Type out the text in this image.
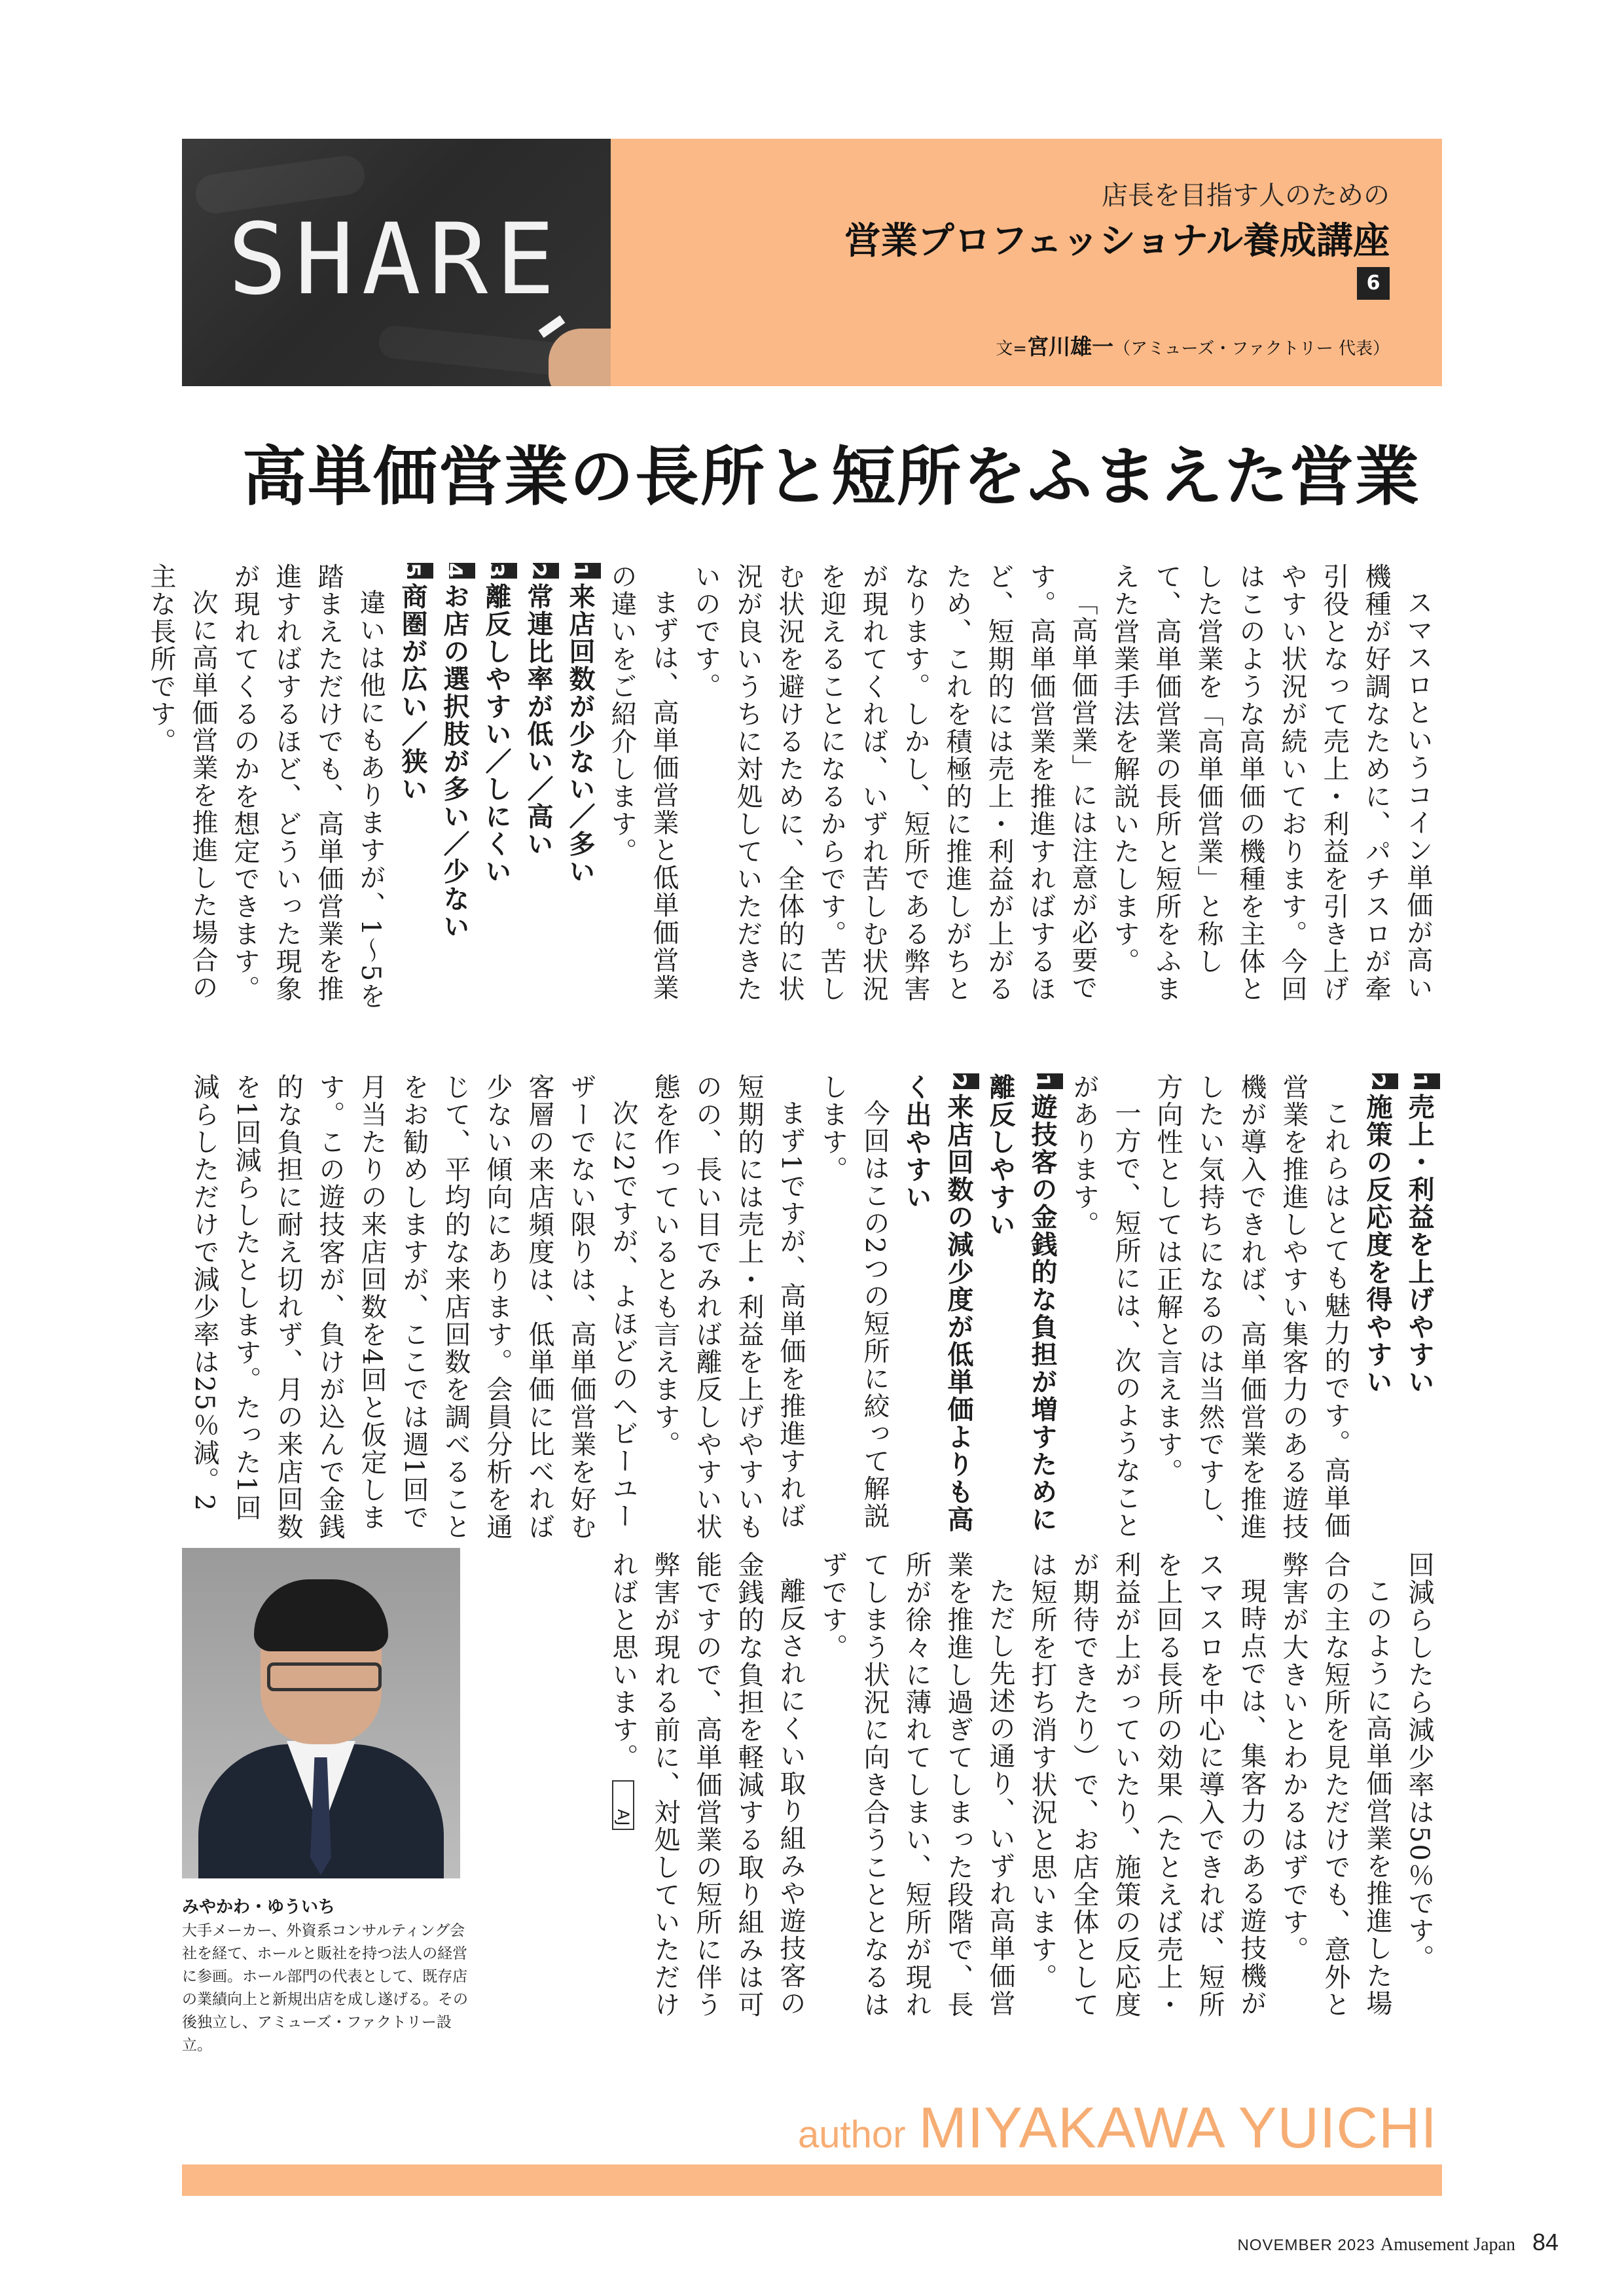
SHARE
店長を目指す人のための
営業プロフェッショナル養成講座
6
文=宮川雄一（アミューズ・ファクトリー 代表）
高単価営業の長所と短所をふまえた営業

スマスロというコイン単価が高い機種が好調なために、パチスロが牽引役となって売上・利益を引き上げやすい状況が続いております。今回はこのような高単価の機種を主体とした営業を「高単価営業」と称して、高単価営業の長所と短所をふまえた営業手法を解説いたします。

「高単価営業」には注意が必要です。高単価営業を推進すればするほど、短期的には売上・利益が上がるため、これを積極的に推進しがちとなります。しかし、短所である弊害が現れてくれば、いずれ苦しむ状況を迎えることになるからです。苦しむ状況を避けるために、全体的に状況が良いうちに対処していただきたいのです。

まずは、高単価営業と低単価営業の違いをご紹介します。

1来店回数が少ない／多い

2常連比率が低い／高い

3離反しやすい／しにくい

4お店の選択肢が多い／少ない

5商圏が広い／狭い

違いは他にもありますが、1〜5を踏まえただけでも、高単価営業を推進すればするほど、どういった現象が現れてくるのかを想定できます。

次に高単価営業を推進した場合の主な長所です。

1売上・利益を上げやすい

2施策の反応度を得やすい

これらはとても魅力的です。高単価営業を推進しやすい集客力のある遊技機が導入できれば、高単価営業を推進したい気持ちになるのは当然ですし、方向性としては正解と言えます。

一方で、短所には、次のようなことがあります。

1遊技客の金銭的な負担が増すために離反しやすい

2来店回数の減少度が低単価よりも高く出やすい

今回はこの2つの短所に絞って解説します。

まず1ですが、高単価を推進すれば短期的には売上・利益を上げやすいものの、長い目でみれば離反しやすい状態を作っているとも言えます。

次に2ですが、よほどのヘビーユーザーでない限りは、高単価営業を好む客層の来店頻度は、低単価に比べれば少ない傾向にあります。会員分析を通じて、平均的な来店回数を調べることをお勧めしますが、ここでは週1回で月当たりの来店回数を4回と仮定します。この遊技客が、負けが込んで金銭的な負担に耐え切れず、月の来店回数を1回減らしたとします。たった1回減らしただけで減少率は25％減。2

回減らしたら減少率は50％です。

このように高単価営業を推進した場合の主な短所を見ただけでも、意外と弊害が大きいとわかるはずです。

現時点では、集客力のある遊技機がスマスロを中心に導入できれば、短所を上回る長所の効果（たとえば売上・利益が上がっていたり、施策の反応度が期待できたり）で、お店全体としては短所を打ち消す状況と思います。

ただし先述の通り、いずれ高単価営業を推進し過ぎてしまった段階で、長所が徐々に薄れてしまい、短所が現れてしまう状況に向き合うこととなるはずです。

離反されにくい取り組みや遊技客の金銭的な負担を軽減する取り組みは可能ですので、高単価営業の短所に伴う弊害が現れる前に、対処していただければと思います。AJ

みやかわ・ゆういち
大手メーカー、外資系コンサルティング会社を経て、ホールと販社を持つ法人の経営に参画。ホール部門の代表として、既存店の業績向上と新規出店を成し遂げる。その後独立し、アミューズ・ファクトリー設立。
author MIYAKAWA YUICHI
NOVEMBER 2023 Amusement Japan 84
